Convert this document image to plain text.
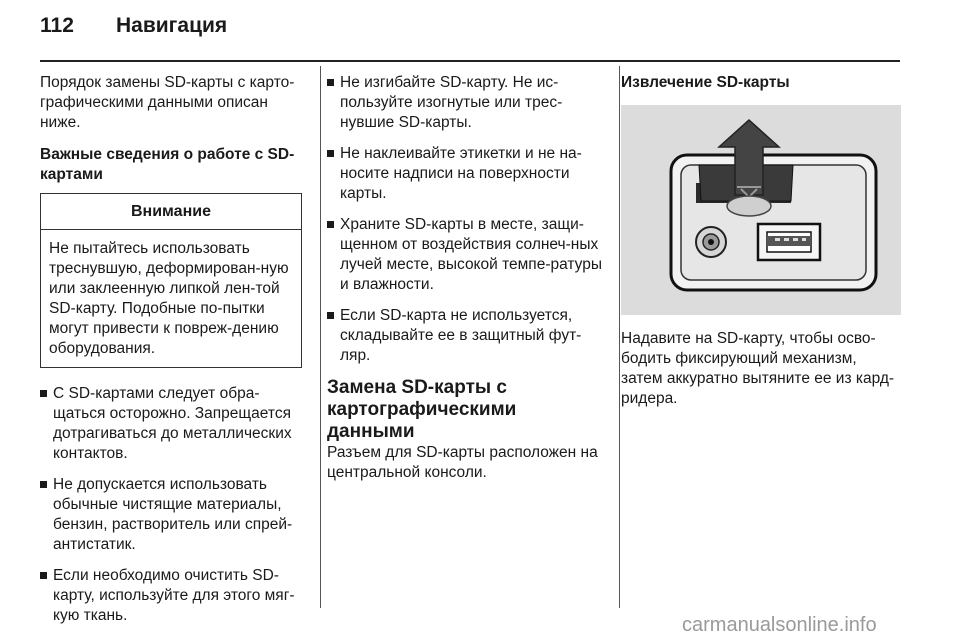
112 Навигация

Порядок замены SD-карты с карто-графическими данными описан ниже.

Важные сведения о работе с SD-картами

Внимание

Не пытайтесь использовать треснувшую, деформирован-ную или заклеенную липкой лен-той SD-карту. Подобные по-пытки могут привести к повреж-дению оборудования.

С SD-картами следует обра-щаться осторожно. Запрещается дотрагиваться до металлических контактов.
Не допускается использовать обычные чистящие материалы, бензин, растворитель или спрей-антистатик.
Если необходимо очистить SD-карту, используйте для этого мяг-кую ткань.
Не изгибайте SD-карту. Не ис-пользуйте изогнутые или трес-нувшие SD-карты.
Не наклеивайте этикетки и не на-носите надписи на поверхности карты.
Храните SD-карты в месте, защи-щенном от воздействия солнеч-ных лучей месте, высокой темпе-ратуры и влажности.
Если SD-карта не используется, складывайте ее в защитный фут-ляр.
Замена SD-карты с картографическими данными

Разъем для SD-карты расположен на центральной консоли.

Извлечение SD-карты

Надавите на SD-карту, чтобы осво-бодить фиксирующий механизм, затем аккуратно вытяните ее из кард-ридера.

carmanualsonline.info
